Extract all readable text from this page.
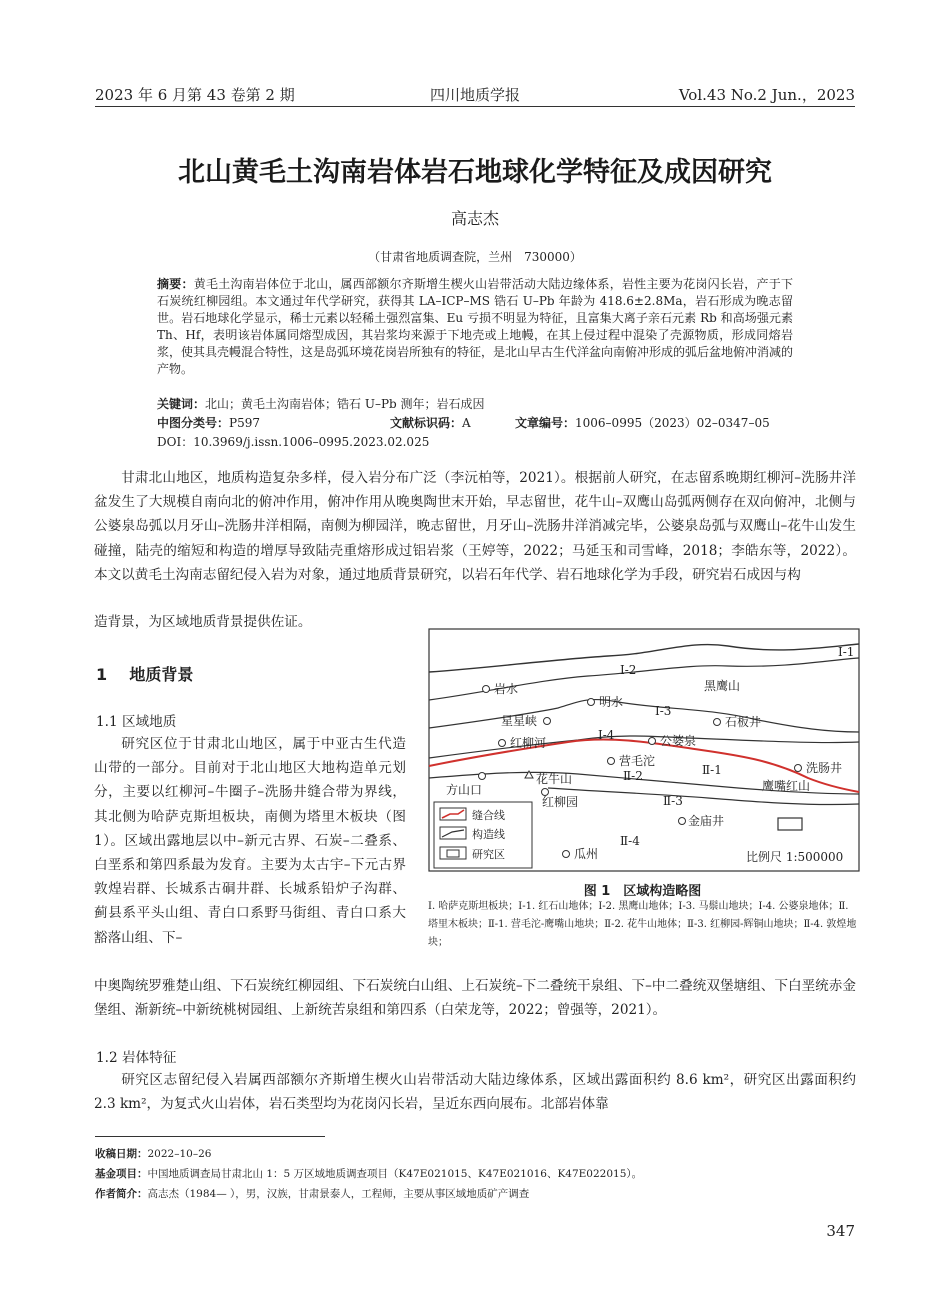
2023 年 6 月第 43 卷第 2 期	四川地质学报	Vol.43 No.2 Jun.，2023
北山黄毛土沟南岩体岩石地球化学特征及成因研究
高志杰
（甘肃省地质调查院，兰州　730000）
摘要：黄毛土沟南岩体位于北山，属西部额尔齐斯增生楔火山岩带活动大陆边缘体系，岩性主要为花岗闪长岩，产于下石炭统红柳园组。本文通过年代学研究，获得其 LA–ICP–MS 锆石 U–Pb 年龄为 418.6±2.8Ma，岩石形成为晚志留世。岩石地球化学显示，稀士元素以轻稀土强烈富集、Eu 亏损不明显为特征，且富集大离子亲石元素 Rb 和高场强元素 Th、Hf，表明该岩体属同熔型成因，其岩浆均来源于下地壳或上地幔，在其上侵过程中混染了壳源物质，形成同熔岩浆，使其具壳幔混合特性，这是岛弧环境花岗岩所独有的特征，是北山早古生代洋盆向南俯冲形成的弧后盆地俯冲消减的产物。
关键词：北山；黄毛土沟南岩体；锆石 U–Pb 测年；岩石成因
中图分类号：P597	文献标识码：A	文章编号：1006–0995（2023）02–0347–05
DOI：10.3969/j.issn.1006–0995.2023.02.025
甘肃北山地区，地质构造复杂多样，侵入岩分布广泛（李沅柏等，2021）。根据前人研究，在志留系晚期红柳河–洗肠井洋盆发生了大规模自南向北的俯冲作用，俯冲作用从晚奥陶世末开始，早志留世，花牛山–双鹰山岛弧两侧存在双向俯冲，北侧与公婆泉岛弧以月牙山–洗肠井洋相隔，南侧为柳园洋，晚志留世，月牙山–洗肠井洋消减完毕，公婆泉岛弧与双鹰山–花牛山发生碰撞，陆壳的缩短和构造的增厚导致陆壳重熔形成过铝岩浆（王婷等，2022；马延玉和司雪峰，2018；李皓东等，2022）。本文以黄毛土沟南志留纪侵入岩为对象，通过地质背景研究，以岩石年代学、岩石地球化学为手段，研究岩石成因与构
造背景，为区域地质背景提供佐证。
1 地质背景
1.1 区域地质
研究区位于甘肃北山地区，属于中亚古生代造山带的一部分。目前对于北山地区大地构造单元划分，主要以红柳河–牛圈子–洗肠井缝合带为界线，其北侧为哈萨克斯坦板块，南侧为塔里木板块（图 1）。区域出露地层以中–新元古界、石炭–二叠系、白垩系和第四系最为发育。主要为太古宇–下元古界敦煌岩群、长城系古硐井群、长城系铅炉子沟群、蓟县系平头山组、青白口系野马街组、青白口系大豁落山组、下–
中奥陶统罗雅楚山组、下石炭统红柳园组、下石炭统白山组、上石炭统–下二叠统干泉组、下–中二叠统双堡塘组、下白垩统赤金堡组、渐新统–中新统桃树园组、上新统苦泉组和第四系（白荣龙等，2022；曾强等，2021）。
1.2 岩体特征
研究区志留纪侵入岩属西部额尔齐斯增生楔火山岩带活动大陆边缘体系，区域出露面积约 8.6 km²，研究区出露面积约 2.3 km²，为复式火山岩体，岩石类型均为花岗闪长岩，呈近东西向展布。北部岩体靠
Ⅰ-1
Ⅰ-2
Ⅰ-3
Ⅰ-4
Ⅱ-1
Ⅱ-2
Ⅱ-3
Ⅱ-4
黑鹰山
岩水
明水
星星峡	石板井
红柳河	公婆泉
营毛沱	洗肠井
方山口
花牛山	鹰嘴红山
红柳园
金庙井
瓜州
缝合线
构造线
研究区	比例尺 1:500000
图 1　区域构造略图
Ⅰ. 哈萨克斯坦板块；Ⅰ-1. 红石山地体；Ⅰ-2. 黑鹰山地体；Ⅰ-3. 马鬃山地块；Ⅰ-4. 公婆泉地体；Ⅱ. 塔里木板块；Ⅱ-1. 营毛沱-鹰嘴山地块；Ⅱ-2. 花牛山地体；Ⅱ-3. 红柳园-辉铜山地块；Ⅱ-4. 敦煌地块；
收稿日期：2022–10–26
基金项目：中国地质调查局甘肃北山 1：5 万区域地质调查项目（K47E021015、K47E021016、K47E022015）。
作者简介：高志杰（1984— ），男，汉族，甘肃景泰人，工程师，主要从事区域地质矿产调查
347
